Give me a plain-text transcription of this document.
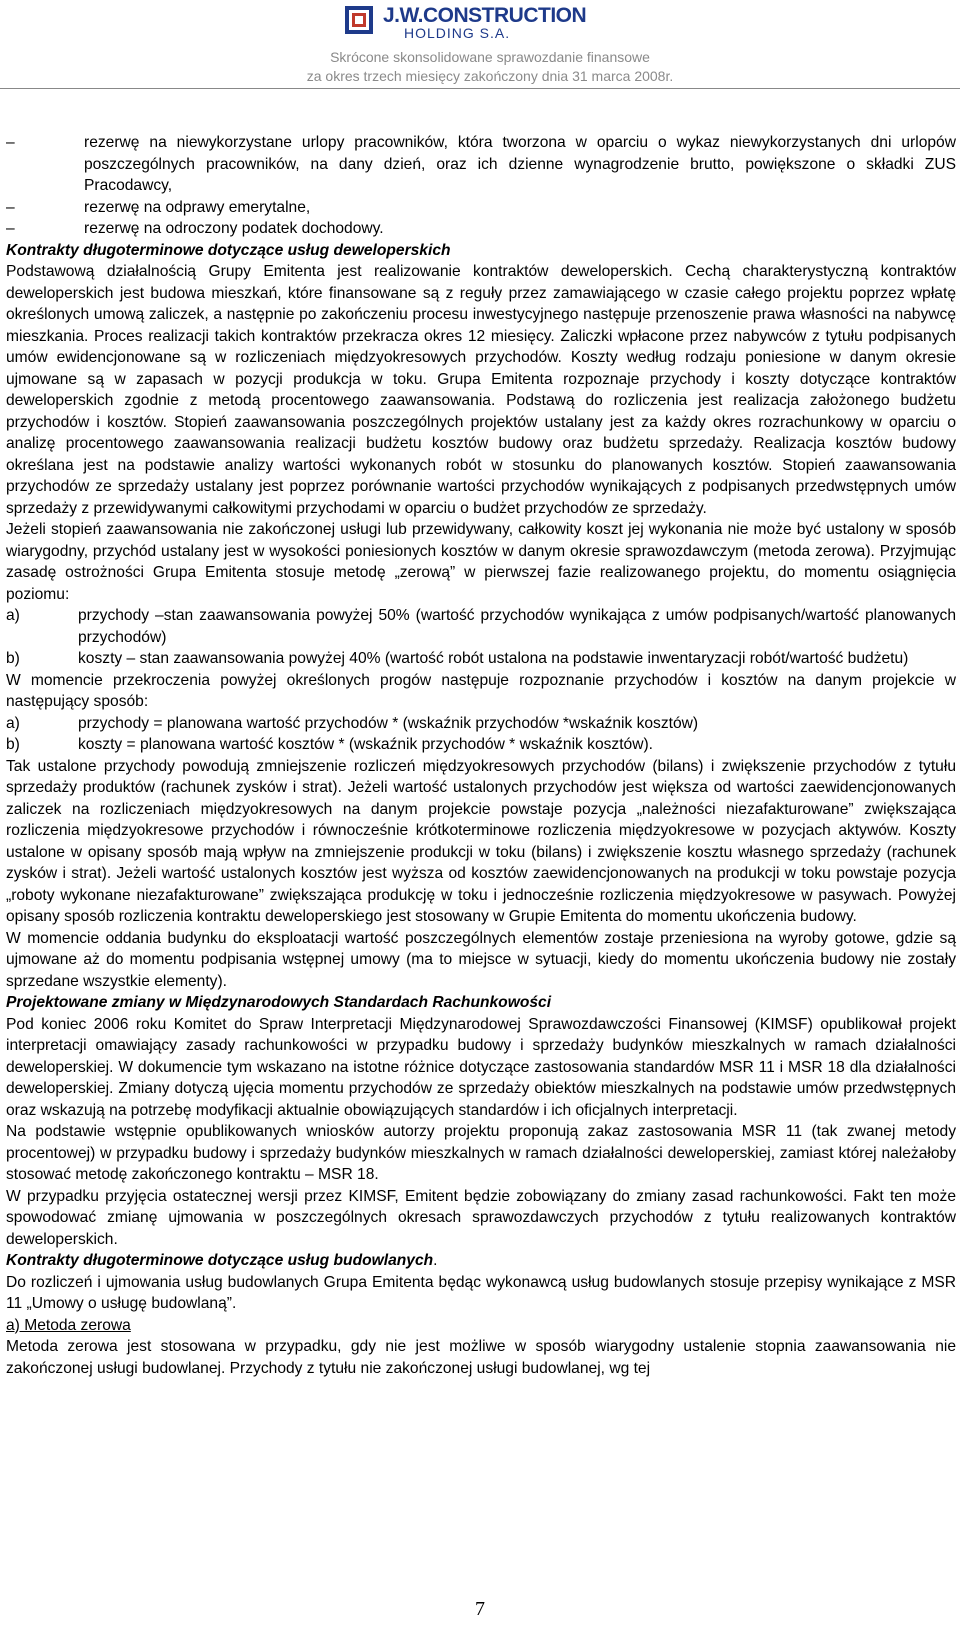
J.W.CONSTRUCTION
HOLDING S.A.
Skrócone skonsolidowane sprawozdanie finansowe
za okres trzech miesięcy zakończony dnia 31 marca 2008r.
–	rezerwę na niewykorzystane urlopy pracowników, która tworzona w oparciu o wykaz niewykorzystanych dni urlopów poszczególnych pracowników, na dany dzień, oraz ich dzienne wynagrodzenie brutto, powiększone o składki ZUS Pracodawcy,

–	rezerwę na odprawy emerytalne,

–	rezerwę na odroczony podatek dochodowy.

Kontrakty długoterminowe dotyczące usług deweloperskich

Podstawową działalnością Grupy Emitenta jest realizowanie kontraktów deweloperskich. Cechą charakterystyczną kontraktów deweloperskich jest budowa mieszkań, które finansowane są z reguły przez zamawiającego w czasie całego projektu poprzez wpłatę określonych umową zaliczek, a następnie po zakończeniu procesu inwestycyjnego następuje przenoszenie prawa własności na nabywcę mieszkania. Proces realizacji takich kontraktów przekracza okres 12 miesięcy. Zaliczki wpłacone przez nabywców z tytułu podpisanych umów ewidencjonowane są w rozliczeniach międzyokresowych przychodów. Koszty według rodzaju poniesione w danym okresie ujmowane są w zapasach w pozycji produkcja w toku. Grupa Emitenta rozpoznaje przychody i koszty dotyczące kontraktów deweloperskich zgodnie z metodą procentowego zaawansowania. Podstawą do rozliczenia jest realizacja założonego budżetu przychodów i kosztów. Stopień zaawansowania poszczególnych projektów ustalany jest za każdy okres rozrachunkowy w oparciu o analizę procentowego zaawansowania realizacji budżetu kosztów budowy oraz budżetu sprzedaży. Realizacja kosztów budowy określana jest na podstawie analizy wartości wykonanych robót w stosunku do planowanych kosztów. Stopień zaawansowania przychodów ze sprzedaży ustalany jest poprzez porównanie wartości przychodów wynikających z podpisanych przedwstępnych umów sprzedaży z przewidywanymi całkowitymi przychodami w oparciu o budżet przychodów ze sprzedaży.

Jeżeli stopień zaawansowania nie zakończonej usługi lub przewidywany, całkowity koszt jej wykonania nie może być ustalony w sposób wiarygodny, przychód ustalany jest w wysokości poniesionych kosztów w danym okresie sprawozdawczym (metoda zerowa). Przyjmując zasadę ostrożności Grupa Emitenta stosuje metodę „zerową” w pierwszej fazie realizowanego projektu, do momentu osiągnięcia poziomu:

a)	przychody –stan zaawansowania powyżej 50% (wartość przychodów wynikająca z umów podpisanych/wartość planowanych przychodów)

b)	koszty – stan zaawansowania powyżej 40% (wartość robót ustalona na podstawie inwentaryzacji robót/wartość budżetu)

W momencie przekroczenia powyżej określonych progów następuje rozpoznanie przychodów i kosztów na danym projekcie w następujący sposób:

a)	przychody = planowana wartość przychodów * (wskaźnik przychodów *wskaźnik kosztów)

b)	koszty = planowana wartość kosztów * (wskaźnik przychodów * wskaźnik kosztów).

Tak ustalone przychody powodują zmniejszenie rozliczeń międzyokresowych przychodów (bilans) i zwiększenie przychodów z tytułu sprzedaży produktów (rachunek zysków i strat). Jeżeli wartość ustalonych przychodów jest większa od wartości zaewidencjonowanych zaliczek na rozliczeniach międzyokresowych na danym projekcie powstaje pozycja „należności niezafakturowane” zwiększająca rozliczenia międzyokresowe przychodów i równocześnie krótkoterminowe rozliczenia międzyokresowe w pozycjach aktywów. Koszty ustalone w opisany sposób mają wpływ na zmniejszenie produkcji w toku (bilans) i zwiększenie kosztu własnego sprzedaży (rachunek zysków i strat). Jeżeli wartość ustalonych kosztów jest wyższa od kosztów zaewidencjonowanych na produkcji w toku powstaje pozycja „roboty wykonane niezafakturowane” zwiększająca produkcję w toku i jednocześnie rozliczenia międzyokresowe w pasywach. Powyżej opisany sposób rozliczenia kontraktu deweloperskiego jest stosowany w Grupie Emitenta do momentu ukończenia budowy.

W momencie oddania budynku do eksploatacji wartość poszczególnych elementów zostaje przeniesiona na wyroby gotowe, gdzie są ujmowane aż do momentu podpisania wstępnej umowy (ma to miejsce w sytuacji, kiedy do momentu ukończenia budowy nie zostały sprzedane wszystkie elementy).

Projektowane zmiany w Międzynarodowych Standardach Rachunkowości

Pod koniec 2006 roku Komitet do Spraw Interpretacji Międzynarodowej Sprawozdawczości Finansowej (KIMSF) opublikował projekt interpretacji omawiający zasady rachunkowości w przypadku budowy i sprzedaży budynków mieszkalnych w ramach działalności deweloperskiej. W dokumencie tym wskazano na istotne różnice dotyczące zastosowania standardów MSR 11 i MSR 18 dla działalności deweloperskiej. Zmiany dotyczą ujęcia momentu przychodów ze sprzedaży obiektów mieszkalnych na podstawie umów przedwstępnych oraz wskazują na potrzebę modyfikacji aktualnie obowiązujących standardów i ich oficjalnych interpretacji.

Na podstawie wstępnie opublikowanych wniosków autorzy projektu proponują zakaz zastosowania MSR 11 (tak zwanej metody procentowej) w przypadku budowy i sprzedaży budynków mieszkalnych w ramach działalności deweloperskiej, zamiast której należałoby stosować metodę zakończonego kontraktu – MSR 18.

W przypadku przyjęcia ostatecznej wersji przez KIMSF, Emitent będzie zobowiązany do zmiany zasad rachunkowości. Fakt ten może spowodować zmianę ujmowania w poszczególnych okresach sprawozdawczych przychodów z tytułu realizowanych kontraktów deweloperskich.

Kontrakty długoterminowe dotyczące usług budowlanych.

Do rozliczeń i ujmowania usług budowlanych Grupa Emitenta będąc wykonawcą usług budowlanych stosuje przepisy wynikające z MSR 11 „Umowy o usługę budowlaną”.

a) Metoda zerowa

Metoda zerowa jest stosowana w przypadku, gdy nie jest możliwe w sposób wiarygodny ustalenie stopnia zaawansowania nie zakończonej usługi budowlanej. Przychody z tytułu nie zakończonej usługi budowlanej, wg tej

7
